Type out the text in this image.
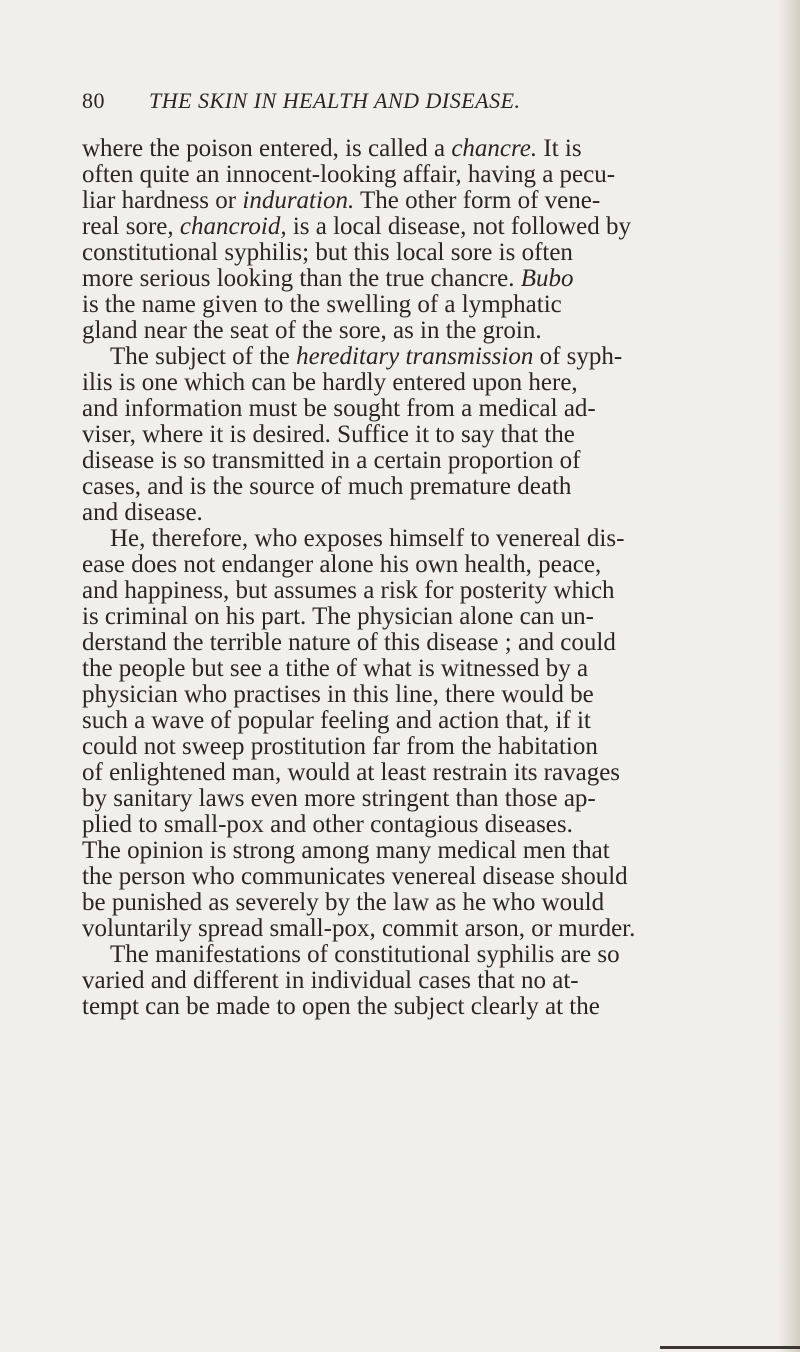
80 THE SKIN IN HEALTH AND DISEASE.
where the poison entered, is called a chancre. It is
often quite an innocent-looking affair, having a pecu-
liar hardness or induration. The other form of vene-
real sore, chancroid, is a local disease, not followed by
constitutional syphilis; but this local sore is often
more serious looking than the true chancre. Bubo
is the name given to the swelling of a lymphatic
gland near the seat of the sore, as in the groin.
The subject of the hereditary transmission of syph-
ilis is one which can be hardly entered upon here,
and information must be sought from a medical ad-
viser, where it is desired. Suffice it to say that the
disease is so transmitted in a certain proportion of
cases, and is the source of much premature death
and disease.
He, therefore, who exposes himself to venereal dis-
ease does not endanger alone his own health, peace,
and happiness, but assumes a risk for posterity which
is criminal on his part. The physician alone can un-
derstand the terrible nature of this disease ; and could
the people but see a tithe of what is witnessed by a
physician who practises in this line, there would be
such a wave of popular feeling and action that, if it
could not sweep prostitution far from the habitation
of enlightened man, would at least restrain its ravages
by sanitary laws even more stringent than those ap-
plied to small-pox and other contagious diseases.
The opinion is strong among many medical men that
the person who communicates venereal disease should
be punished as severely by the law as he who would
voluntarily spread small-pox, commit arson, or murder.
The manifestations of constitutional syphilis are so
varied and different in individual cases that no at-
tempt can be made to open the subject clearly at the
